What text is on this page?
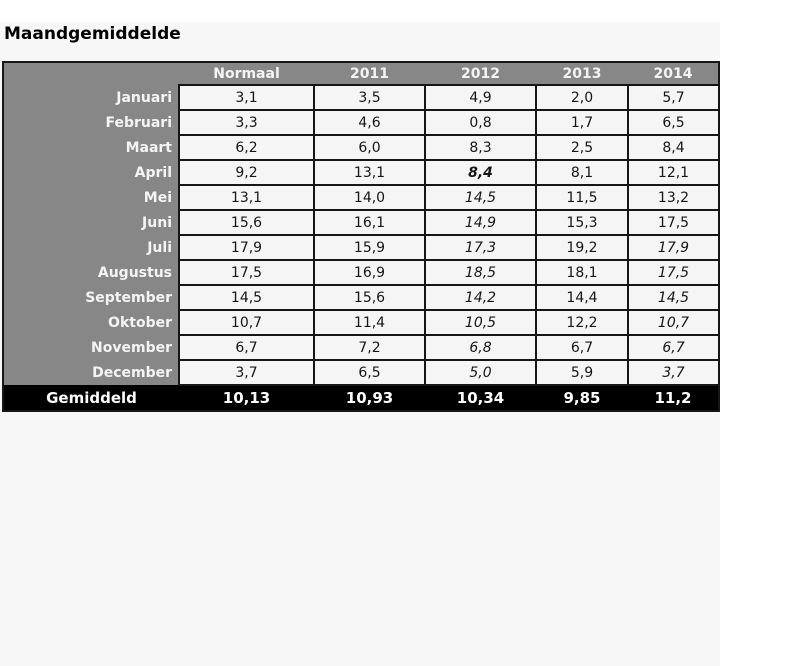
Maandgemiddelde
	Normaal	2011	2012	2013	2014
Januari	3,1	3,5	4,9	2,0	5,7
Februari	3,3	4,6	0,8	1,7	6,5
Maart	6,2	6,0	8,3	2,5	8,4
April	9,2	13,1	8,4	8,1	12,1
Mei	13,1	14,0	14,5	11,5	13,2
Juni	15,6	16,1	14,9	15,3	17,5
Juli	17,9	15,9	17,3	19,2	17,9
Augustus	17,5	16,9	18,5	18,1	17,5
September	14,5	15,6	14,2	14,4	14,5
Oktober	10,7	11,4	10,5	12,2	10,7
November	6,7	7,2	6,8	6,7	6,7
December	3,7	6,5	5,0	5,9	3,7
Gemiddeld	10,13	10,93	10,34	9,85	11,2
